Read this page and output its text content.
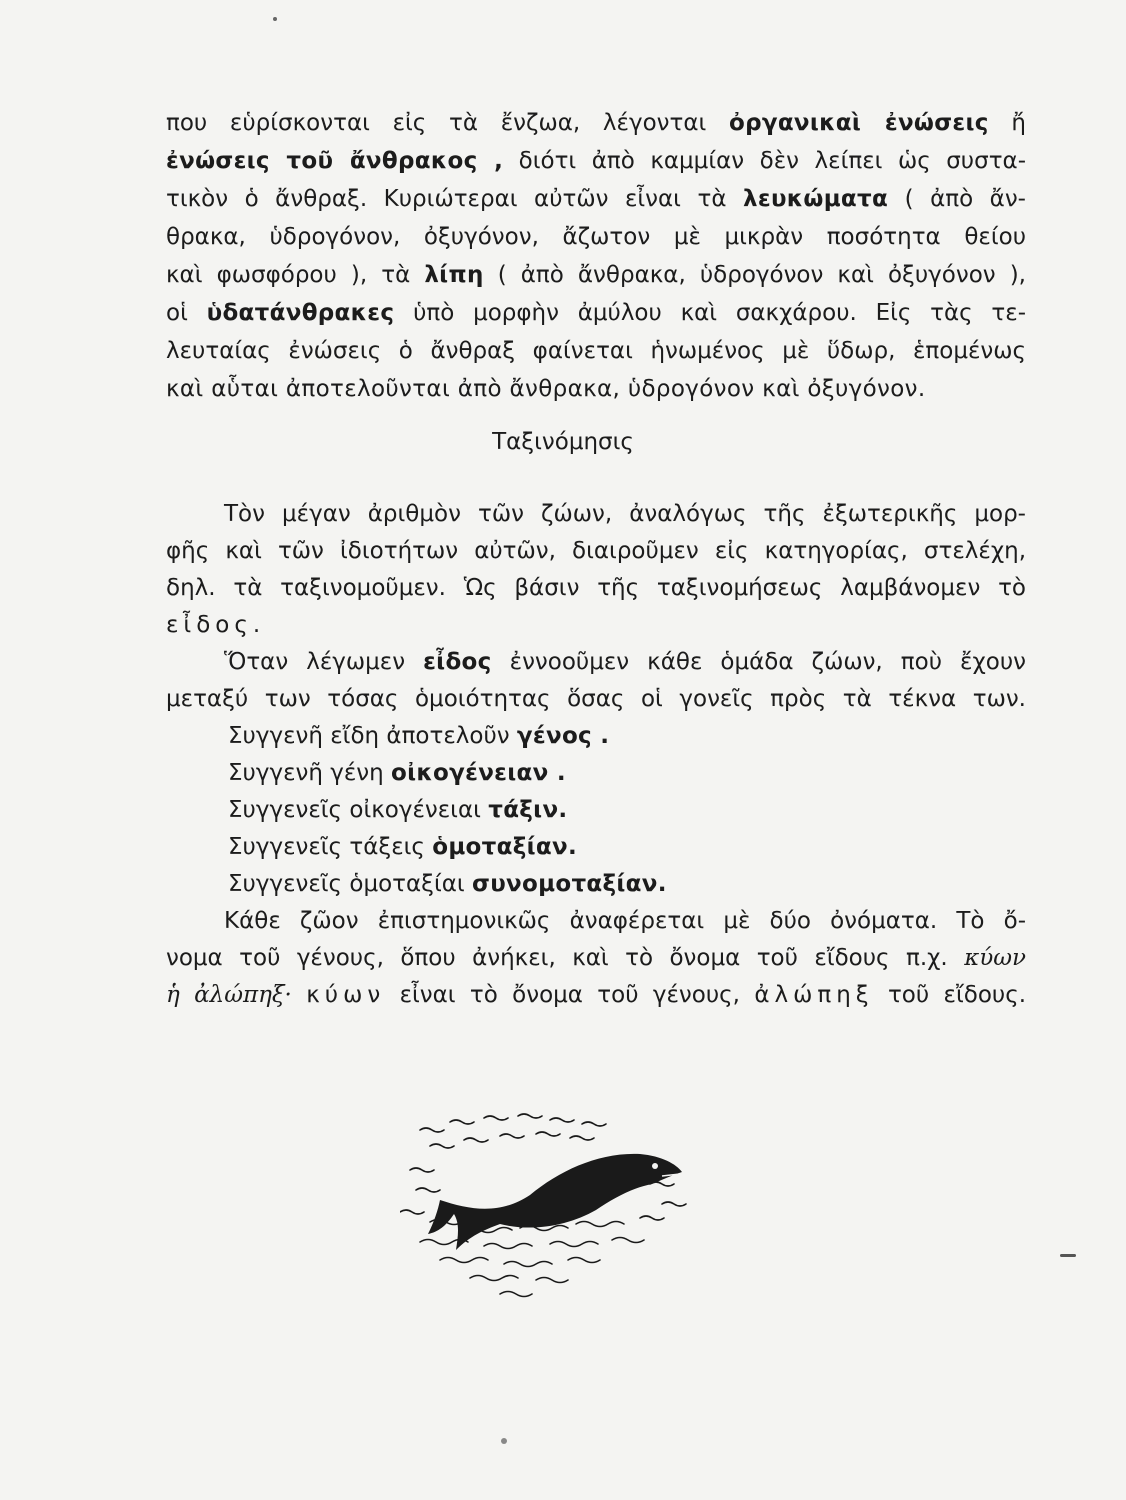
που εὑρίσκονται εἰς τὰ ἔνζωα, λέγονται ὀργανικαὶ ἐνώσεις ἤ
ἐνώσεις τοῦ ἄνθρακος , διότι ἀπὸ καμμίαν δὲν λείπει ὡς συστα-
τικὸν ὁ ἄνθραξ. Κυριώτεραι αὐτῶν εἶναι τὰ λευκώματα ( ἀπὸ ἄν-
θρακα, ὑδρογόνον, ὀξυγόνον, ἄζωτον μὲ μικρὰν ποσότητα θείου
καὶ φωσφόρου ), τὰ λίπη ( ἀπὸ ἄνθρακα, ὑδρογόνον καὶ ὀξυγόνον ),
οἱ ὑδατάνθρακες ὑπὸ μορφὴν ἀμύλου καὶ σακχάρου. Εἰς τὰς τε-
λευταίας ἐνώσεις ὁ ἄνθραξ φαίνεται ἡνωμένος μὲ ὕδωρ, ἑπομένως
καὶ αὗται ἀποτελοῦνται ἀπὸ ἄνθρακα, ὑδρογόνον καὶ ὀξυγόνον.
Ταξινόμησις
Τὸν μέγαν ἀριθμὸν τῶν ζώων, ἀναλόγως τῆς ἐξωτερικῆς μορ-
φῆς καὶ τῶν ἰδιοτήτων αὐτῶν, διαιροῦμεν εἰς κατηγορίας, στελέχη,
δηλ. τὰ ταξινομοῦμεν. Ὡς βάσιν τῆς ταξινομήσεως λαμβάνομεν τὸ
εἶδος.
Ὅταν λέγωμεν εἶδος ἐννοοῦμεν κάθε ὁμάδα ζώων, ποὺ ἔχουν
μεταξύ των τόσας ὁμοιότητας ὅσας οἱ γονεῖς πρὸς τὰ τέκνα των.
Συγγενῆ εἴδη ἀποτελοῦν γένος .
Συγγενῆ γένη οἰκογένειαν .
Συγγενεῖς οἰκογένειαι τάξιν.
Συγγενεῖς τάξεις ὁμοταξίαν.
Συγγενεῖς ὁμοταξίαι συνομοταξίαν.
Κάθε ζῶον ἐπιστημονικῶς ἀναφέρεται μὲ δύο ὀνόματα. Τὸ ὄ-
νομα τοῦ γένους, ὅπου ἀνήκει, καὶ τὸ ὄνομα τοῦ εἴδους π.χ. κύων
ἡ ἀλώπηξ· κύων εἶναι τὸ ὄνομα τοῦ γένους, ἀλώπηξ τοῦ εἴδους.
